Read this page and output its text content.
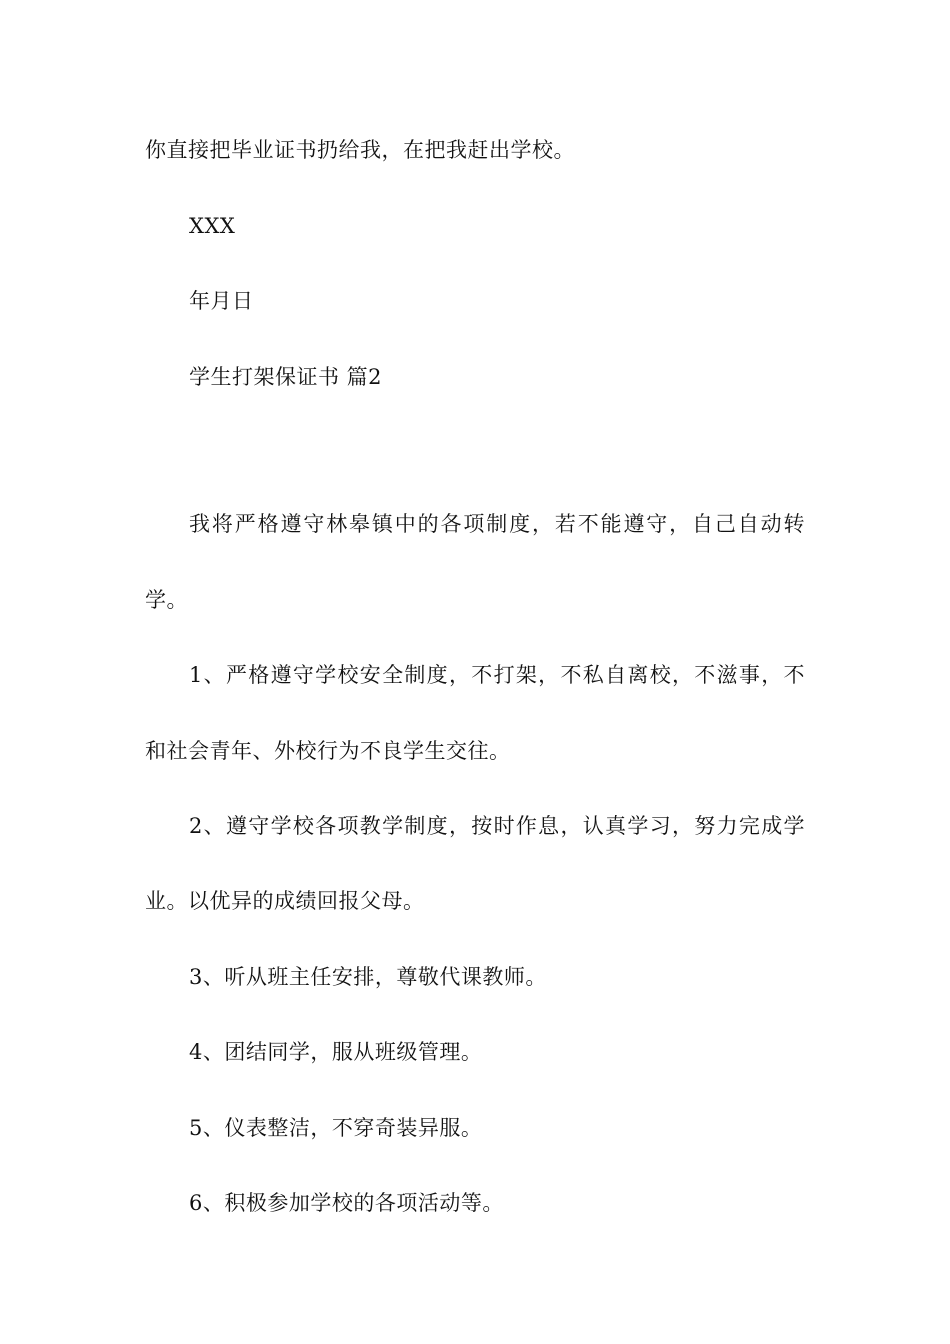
你直接把毕业证书扔给我，在把我赶出学校。
XXX
年月日
学生打架保证书 篇2
我将严格遵守林皋镇中的各项制度，若不能遵守，自己自动转
学。
1、严格遵守学校安全制度，不打架，不私自离校，不滋事，不
和社会青年、外校行为不良学生交往。
2、遵守学校各项教学制度，按时作息，认真学习，努力完成学
业。以优异的成绩回报父母。
3、听从班主任安排，尊敬代课教师。
4、团结同学，服从班级管理。
5、仪表整洁，不穿奇装异服。
6、积极参加学校的各项活动等。
